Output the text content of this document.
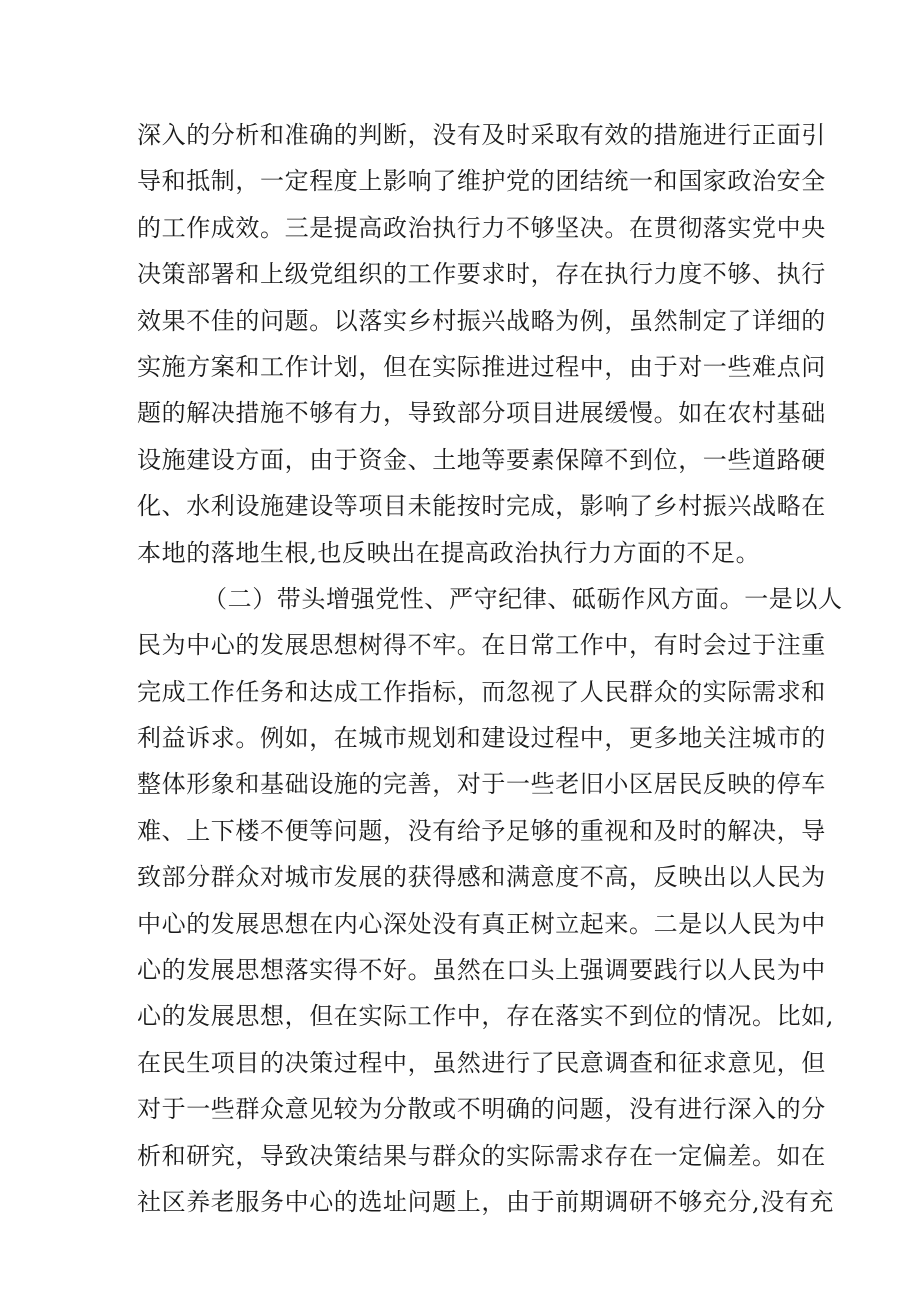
深入的分析和准确的判断，没有及时采取有效的措施进行正面引
导和抵制，一定程度上影响了维护党的团结统一和国家政治安全
的工作成效。三是提高政治执行力不够坚决。在贯彻落实党中央
决策部署和上级党组织的工作要求时，存在执行力度不够、执行
效果不佳的问题。以落实乡村振兴战略为例，虽然制定了详细的
实施方案和工作计划，但在实际推进过程中，由于对一些难点问
题的解决措施不够有力，导致部分项目进展缓慢。如在农村基础
设施建设方面，由于资金、土地等要素保障不到位，一些道路硬
化、水利设施建设等项目未能按时完成，影响了乡村振兴战略在
本地的落地生根,也反映出在提高政治执行力方面的不足。
（二）带头增强党性、严守纪律、砥砺作风方面。一是以人
民为中心的发展思想树得不牢。在日常工作中，有时会过于注重
完成工作任务和达成工作指标，而忽视了人民群众的实际需求和
利益诉求。例如，在城市规划和建设过程中，更多地关注城市的
整体形象和基础设施的完善，对于一些老旧小区居民反映的停车
难、上下楼不便等问题，没有给予足够的重视和及时的解决，导
致部分群众对城市发展的获得感和满意度不高，反映出以人民为
中心的发展思想在内心深处没有真正树立起来。二是以人民为中
心的发展思想落实得不好。虽然在口头上强调要践行以人民为中
心的发展思想，但在实际工作中，存在落实不到位的情况。比如,
在民生项目的决策过程中，虽然进行了民意调查和征求意见，但
对于一些群众意见较为分散或不明确的问题，没有进行深入的分
析和研究，导致决策结果与群众的实际需求存在一定偏差。如在
社区养老服务中心的选址问题上，由于前期调研不够充分,没有充
